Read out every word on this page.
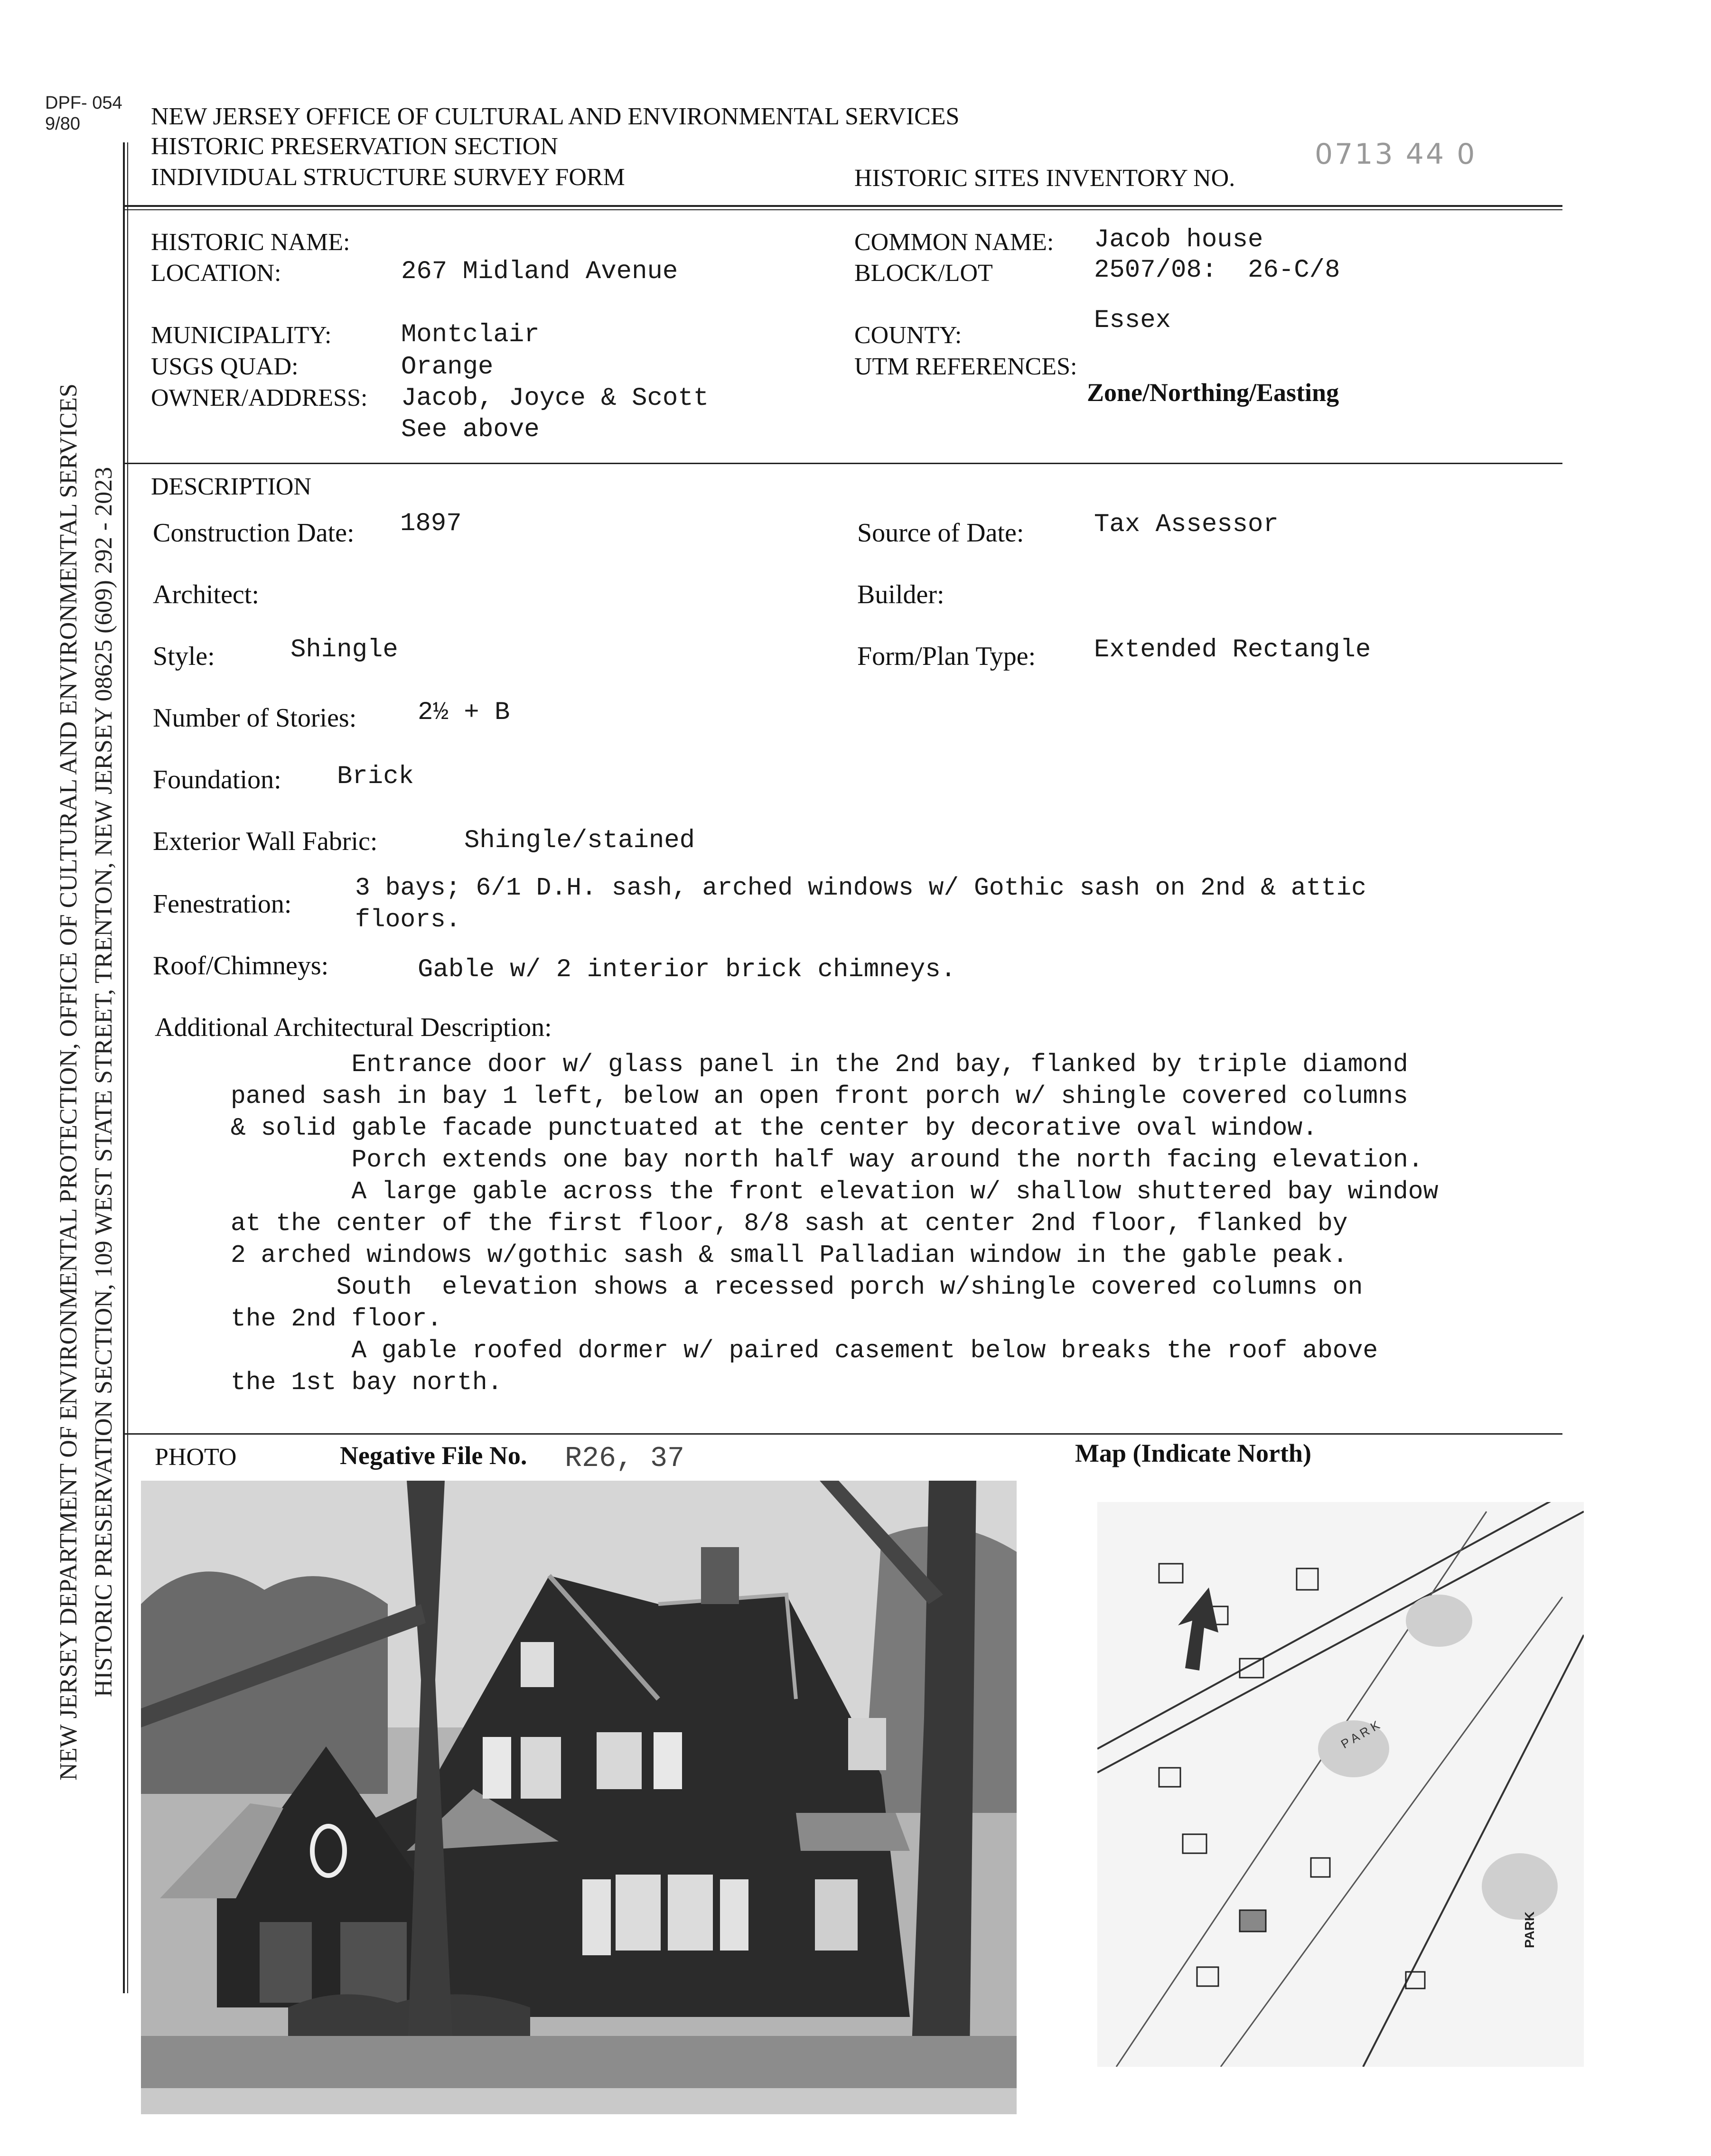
DPF- 054
9/80
NEW JERSEY DEPARTMENT OF ENVIRONMENTAL PROTECTION, OFFICE OF CULTURAL AND ENVIRONMENTAL SERVICES HISTORIC PRESERVATION SECTION, 109 WEST STATE STREET, TRENTON, NEW JERSEY 08625 (609) 292 - 2023
NEW JERSEY OFFICE OF CULTURAL AND ENVIRONMENTAL SERVICES
HISTORIC PRESERVATION SECTION
INDIVIDUAL STRUCTURE SURVEY FORM	HISTORIC SITES INVENTORY NO.
0713 44 0
HISTORIC NAME:
LOCATION:	267 Midland Avenue
COMMON NAME: Jacob house
BLOCK/LOT	2507/08:  26-C/8
MUNICIPALITY:	Montclair
USGS QUAD:	Orange
OWNER/ADDRESS: Jacob, Joyce & Scott
See above
COUNTY:
Essex
UTM REFERENCES:
Zone/Northing/Easting
DESCRIPTION
Construction Date: 1897	Source of Date:	Tax Assessor
Architect:	Builder:
Style:	Shingle	Form/Plan Type: Extended Rectangle
Number of Stories: 2½ + B
Foundation: Brick
Exterior Wall Fabric:	Shingle/stained
Fenestration:
3 bays; 6/1 D.H. sash, arched windows w/ Gothic sash on 2nd & attic
floors.
Roof/Chimneys:	Gable w/ 2 interior brick chimneys.
Additional Architectural Description:
Entrance door w/ glass panel in the 2nd bay, flanked by triple diamond
paned sash in bay 1 left, below an open front porch w/ shingle covered columns
& solid gable facade punctuated at the center by decorative oval window.
Porch extends one bay north half way around the north facing elevation.
A large gable across the front elevation w/ shallow shuttered bay window
at the center of the first floor, 8/8 sash at center 2nd floor, flanked by
2 arched windows w/gothic sash & small Palladian window in the gable peak.
South  elevation shows a recessed porch w/shingle covered columns on
the 2nd floor.
A gable roofed dormer w/ paired casement below breaks the roof above
the 1st bay north.
PHOTO	Negative File No. R26, 37	Map (Indicate North)
P A R K
PARK
